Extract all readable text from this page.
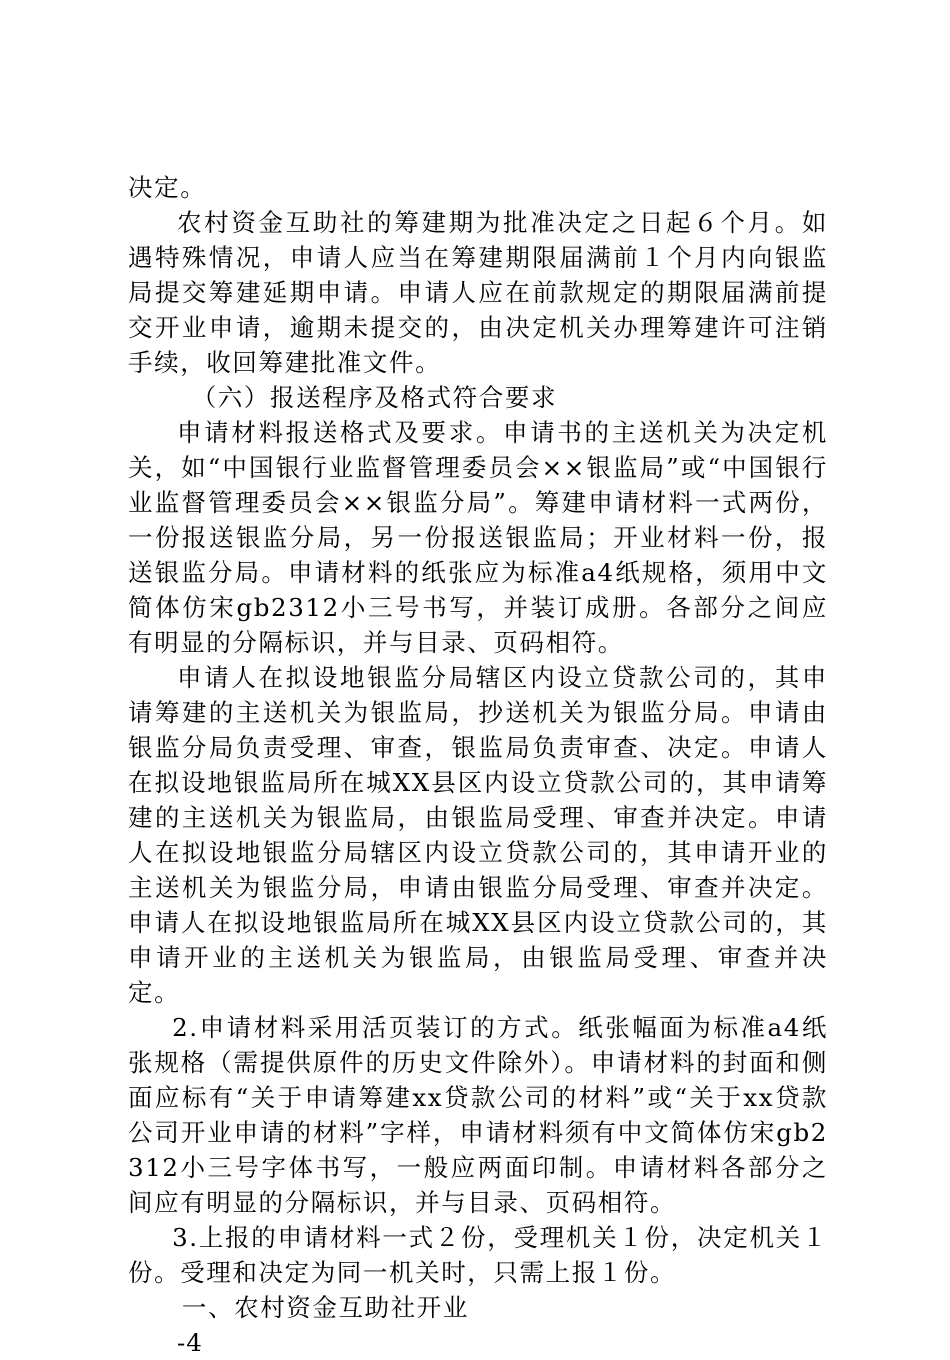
决定。

农村资金互助社的筹建期为批准决定之日起６个月。如遇特殊情况，申请人应当在筹建期限届满前１个月内向银监局提交筹建延期申请。申请人应在前款规定的期限届满前提交开业申请，逾期未提交的，由决定机关办理筹建许可注销手续，收回筹建批准文件。

（六）报送程序及格式符合要求

申请材料报送格式及要求。申请书的主送机关为决定机关，如“中国银行业监督管理委员会××银监局”或“中国银行业监督管理委员会××银监分局”。筹建申请材料一式两份，一份报送银监分局，另一份报送银监局；开业材料一份，报送银监分局。申请材料的纸张应为标准a4纸规格，须用中文简体仿宋gb2312小三号书写，并装订成册。各部分之间应有明显的分隔标识，并与目录、页码相符。

申请人在拟设地银监分局辖区内设立贷款公司的，其申请筹建的主送机关为银监局，抄送机关为银监分局。申请由银监分局负责受理、审查，银监局负责审查、决定。申请人在拟设地银监局所在城XX县区内设立贷款公司的，其申请筹建的主送机关为银监局，由银监局受理、审查并决定。申请人在拟设地银监分局辖区内设立贷款公司的，其申请开业的主送机关为银监分局，申请由银监分局受理、审查并决定。申请人在拟设地银监局所在城XX县区内设立贷款公司的，其申请开业的主送机关为银监局，由银监局受理、审查并决定。

2.申请材料采用活页装订的方式。纸张幅面为标准a4纸张规格（需提供原件的历史文件除外）。申请材料的封面和侧面应标有“关于申请筹建xx贷款公司的材料”或“关于xx贷款公司开业申请的材料”字样，申请材料须有中文简体仿宋gb2312小三号字体书写，一般应两面印制。申请材料各部分之间应有明显的分隔标识，并与目录、页码相符。

3.上报的申请材料一式２份，受理机关１份，决定机关１份。受理和决定为同一机关时，只需上报１份。

一、农村资金互助社开业

-4
